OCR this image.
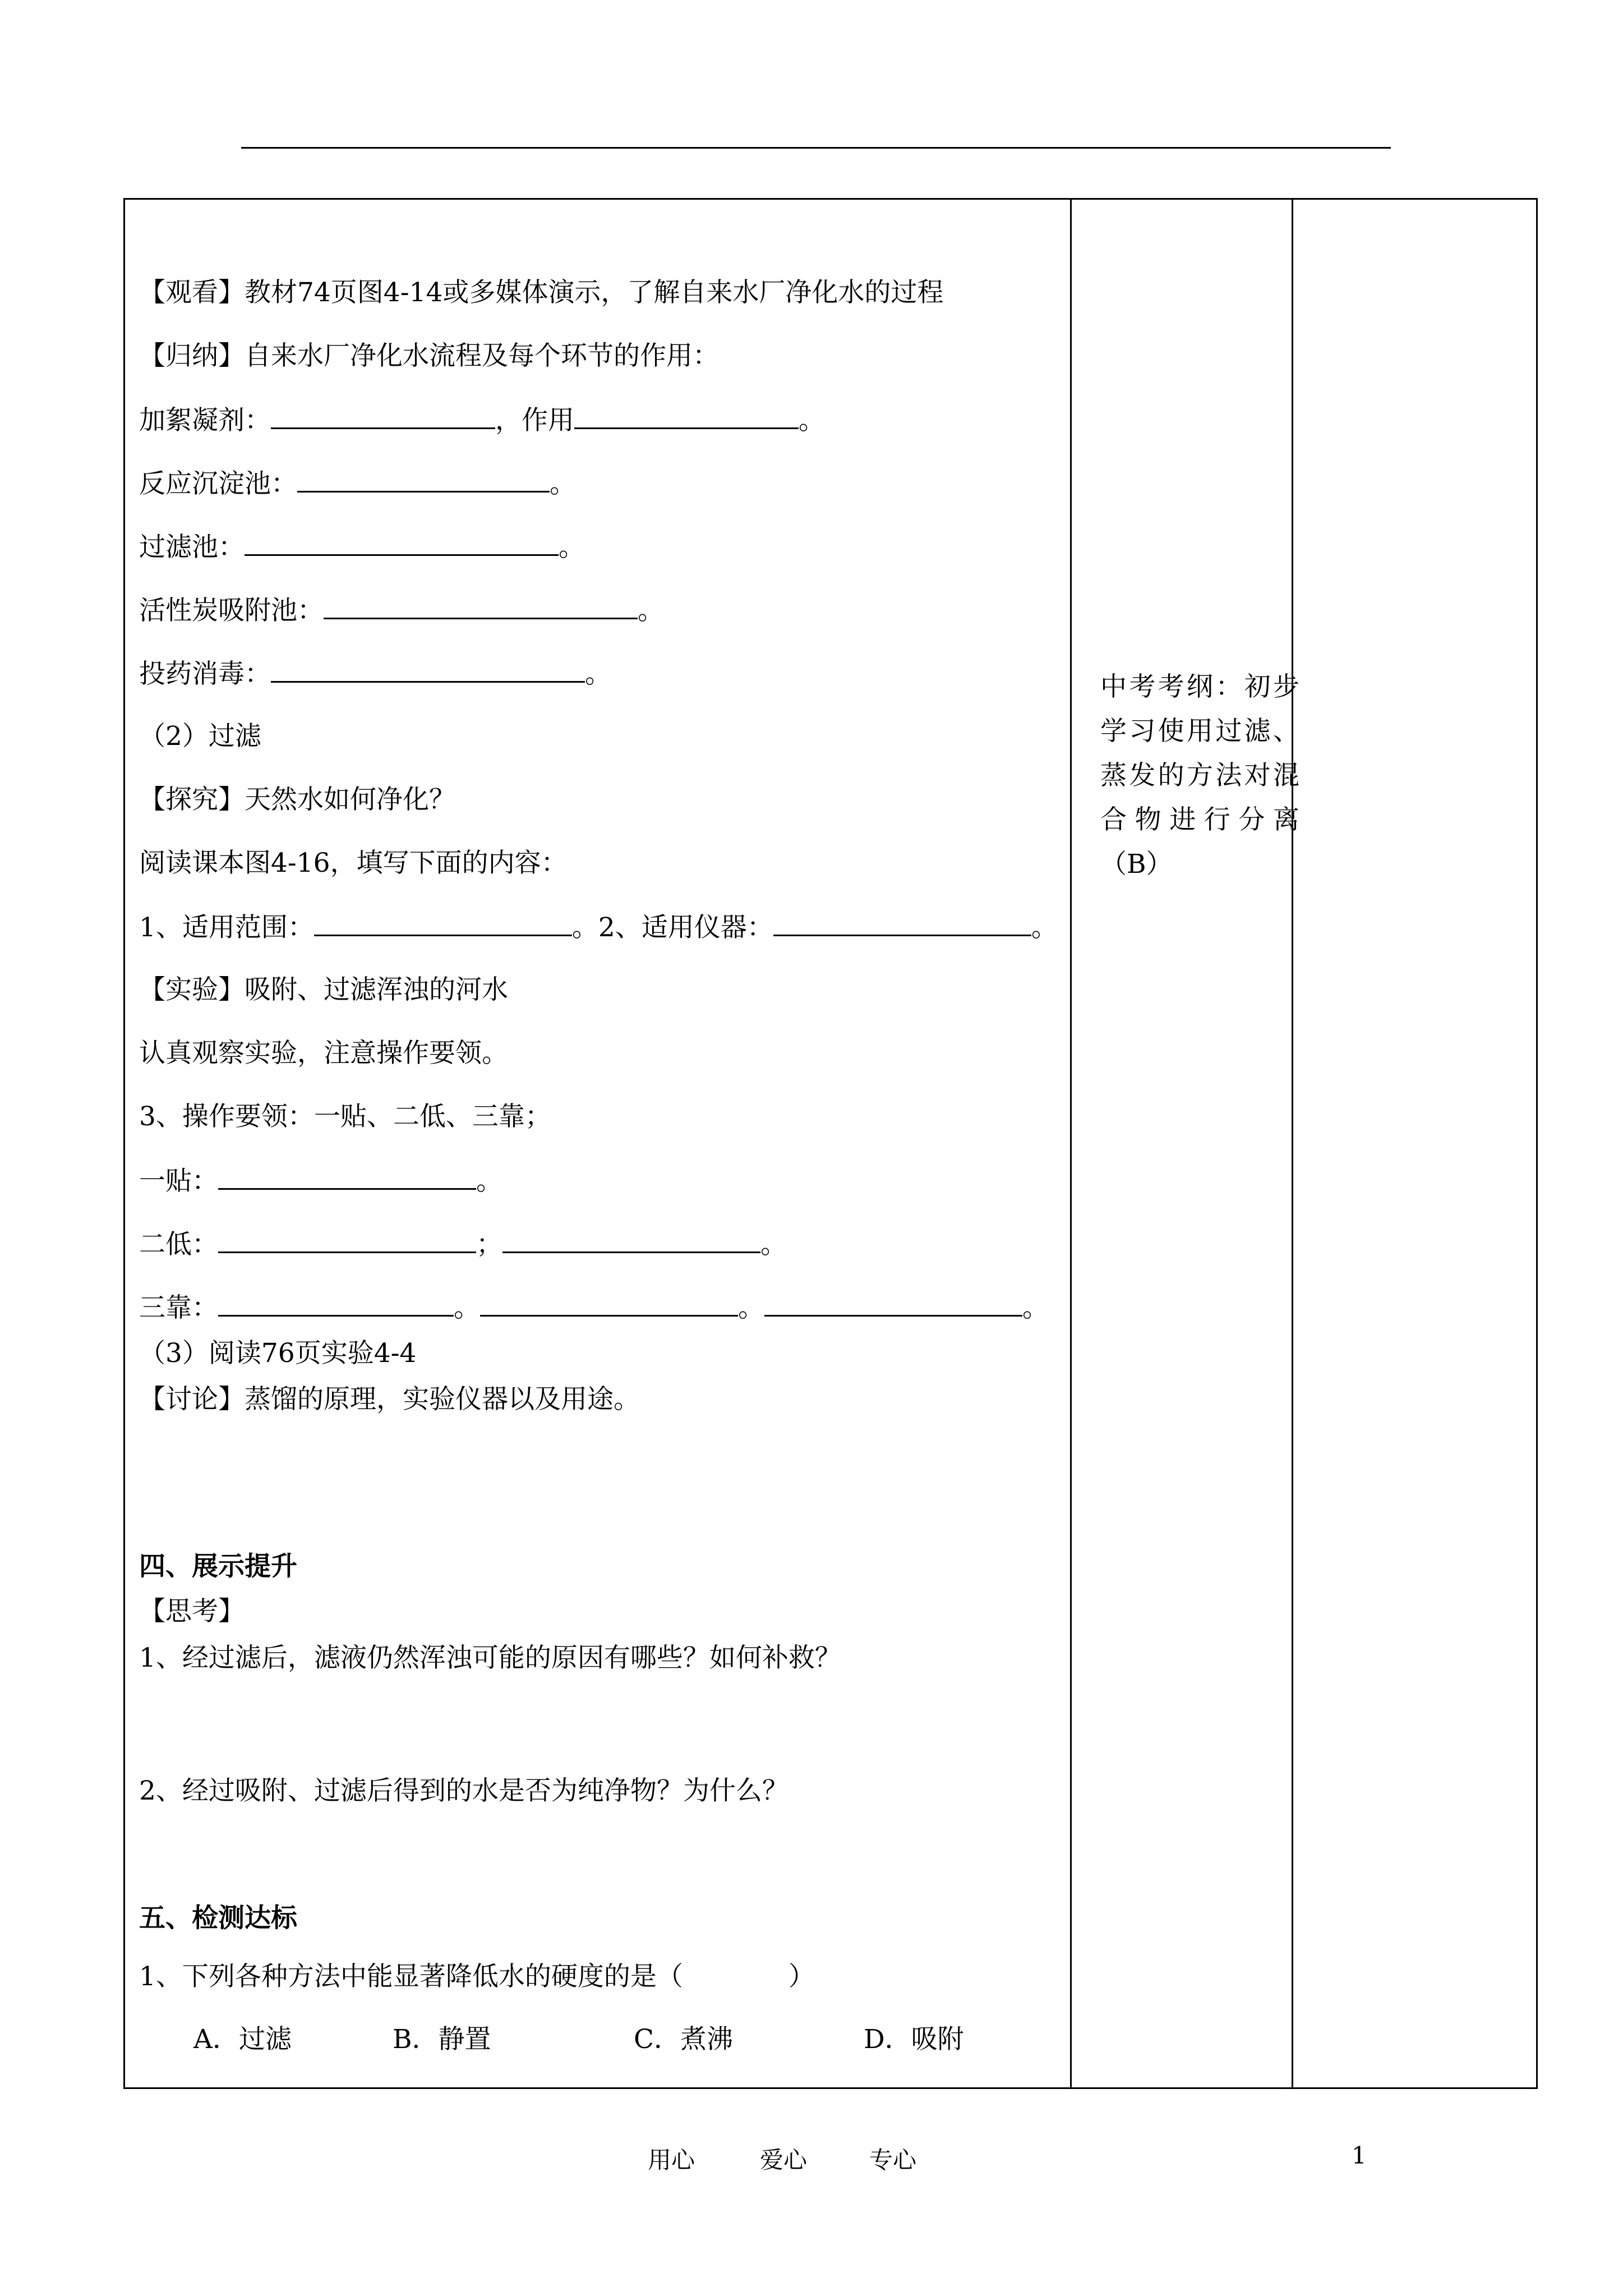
【观看】教材74页图4-14或多媒体演示，了解自来水厂净化水的过程
【归纳】自来水厂净化水流程及每个环节的作用：
加絮凝剂：	，作用	。
反应沉淀池：	。
过滤池：	。
活性炭吸附池：	。
投药消毒：	。
（2）过滤
【探究】天然水如何净化？
阅读课本图4-16，填写下面的内容：
1、适用范围：	。2、适用仪器：	。
【实验】吸附、过滤浑浊的河水
认真观察实验，注意操作要领。
3、操作要领：一贴、二低、三靠；
一贴：	。
二低：	；	。
三靠：	。	。	。
（3）阅读76页实验4-4
【讨论】蒸馏的原理，实验仪器以及用途。
四、展示提升
【思考】
1、经过滤后，滤液仍然浑浊可能的原因有哪些？如何补救？
2、经过吸附、过滤后得到的水是否为纯净物？为什么？
五、检测达标
1、下列各种方法中能显著降低水的硬度的是（　　　　）
A．过滤	B．静置	C．煮沸	D．吸附
中考考纲：初步学习使用过滤、蒸发的方法对混合物进行分离（B）
用心	爱心	专心	1
